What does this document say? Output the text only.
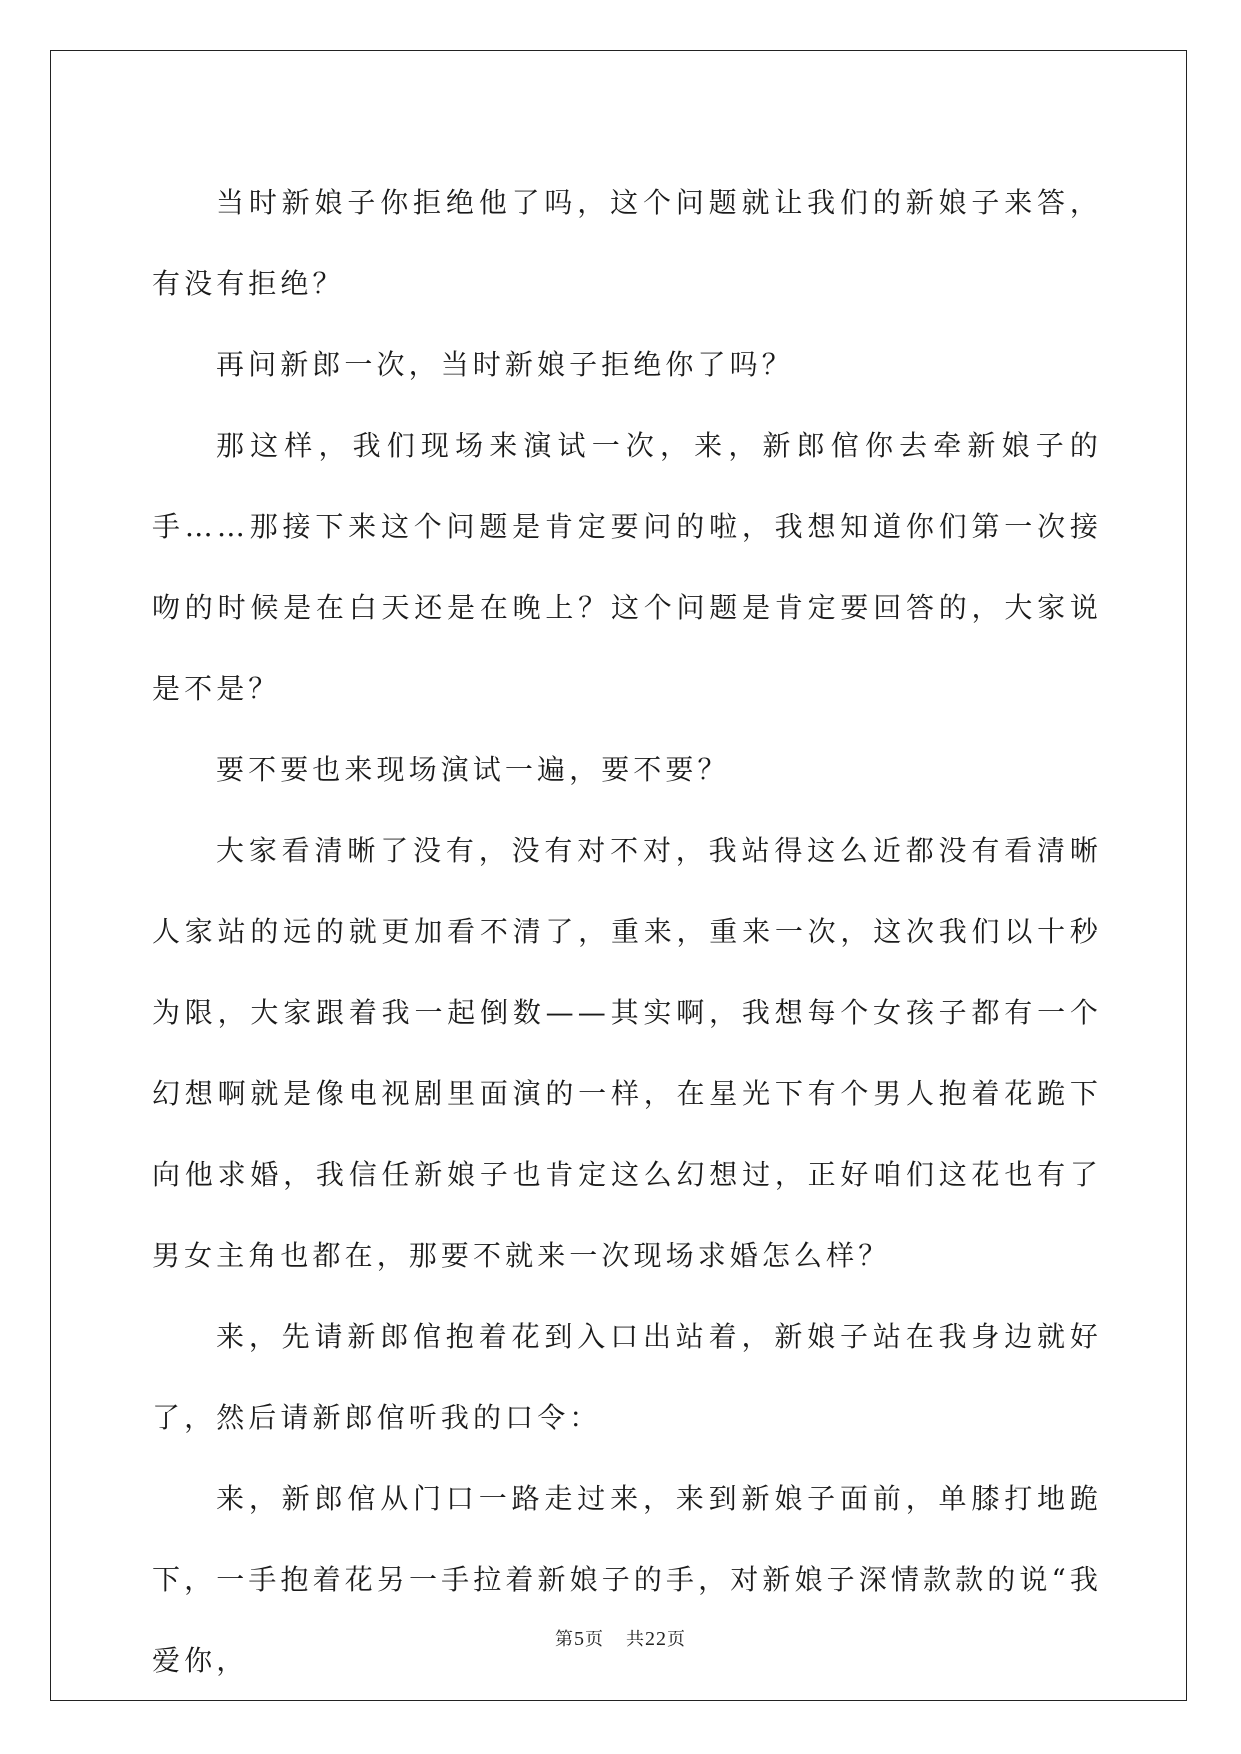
当时新娘子你拒绝他了吗，这个问题就让我们的新娘子来答，有没有拒绝？

再问新郎一次，当时新娘子拒绝你了吗？

那这样，我们现场来演试一次，来，新郎倌你去牵新娘子的手……那接下来这个问题是肯定要问的啦，我想知道你们第一次接吻的时候是在白天还是在晚上？这个问题是肯定要回答的，大家说是不是？

要不要也来现场演试一遍，要不要？

大家看清晰了没有，没有对不对，我站得这么近都没有看清晰人家站的远的就更加看不清了，重来，重来一次，这次我们以十秒为限，大家跟着我一起倒数——其实啊，我想每个女孩子都有一个幻想啊就是像电视剧里面演的一样，在星光下有个男人抱着花跪下向他求婚，我信任新娘子也肯定这么幻想过，正好咱们这花也有了男女主角也都在，那要不就来一次现场求婚怎么样？

来，先请新郎倌抱着花到入口出站着，新娘子站在我身边就好了，然后请新郎倌听我的口令：

来，新郎倌从门口一路走过来，来到新娘子面前，单膝打地跪下，一手抱着花另一手拉着新娘子的手，对新娘子深情款款的说“我爱你，

第5页 共22页
